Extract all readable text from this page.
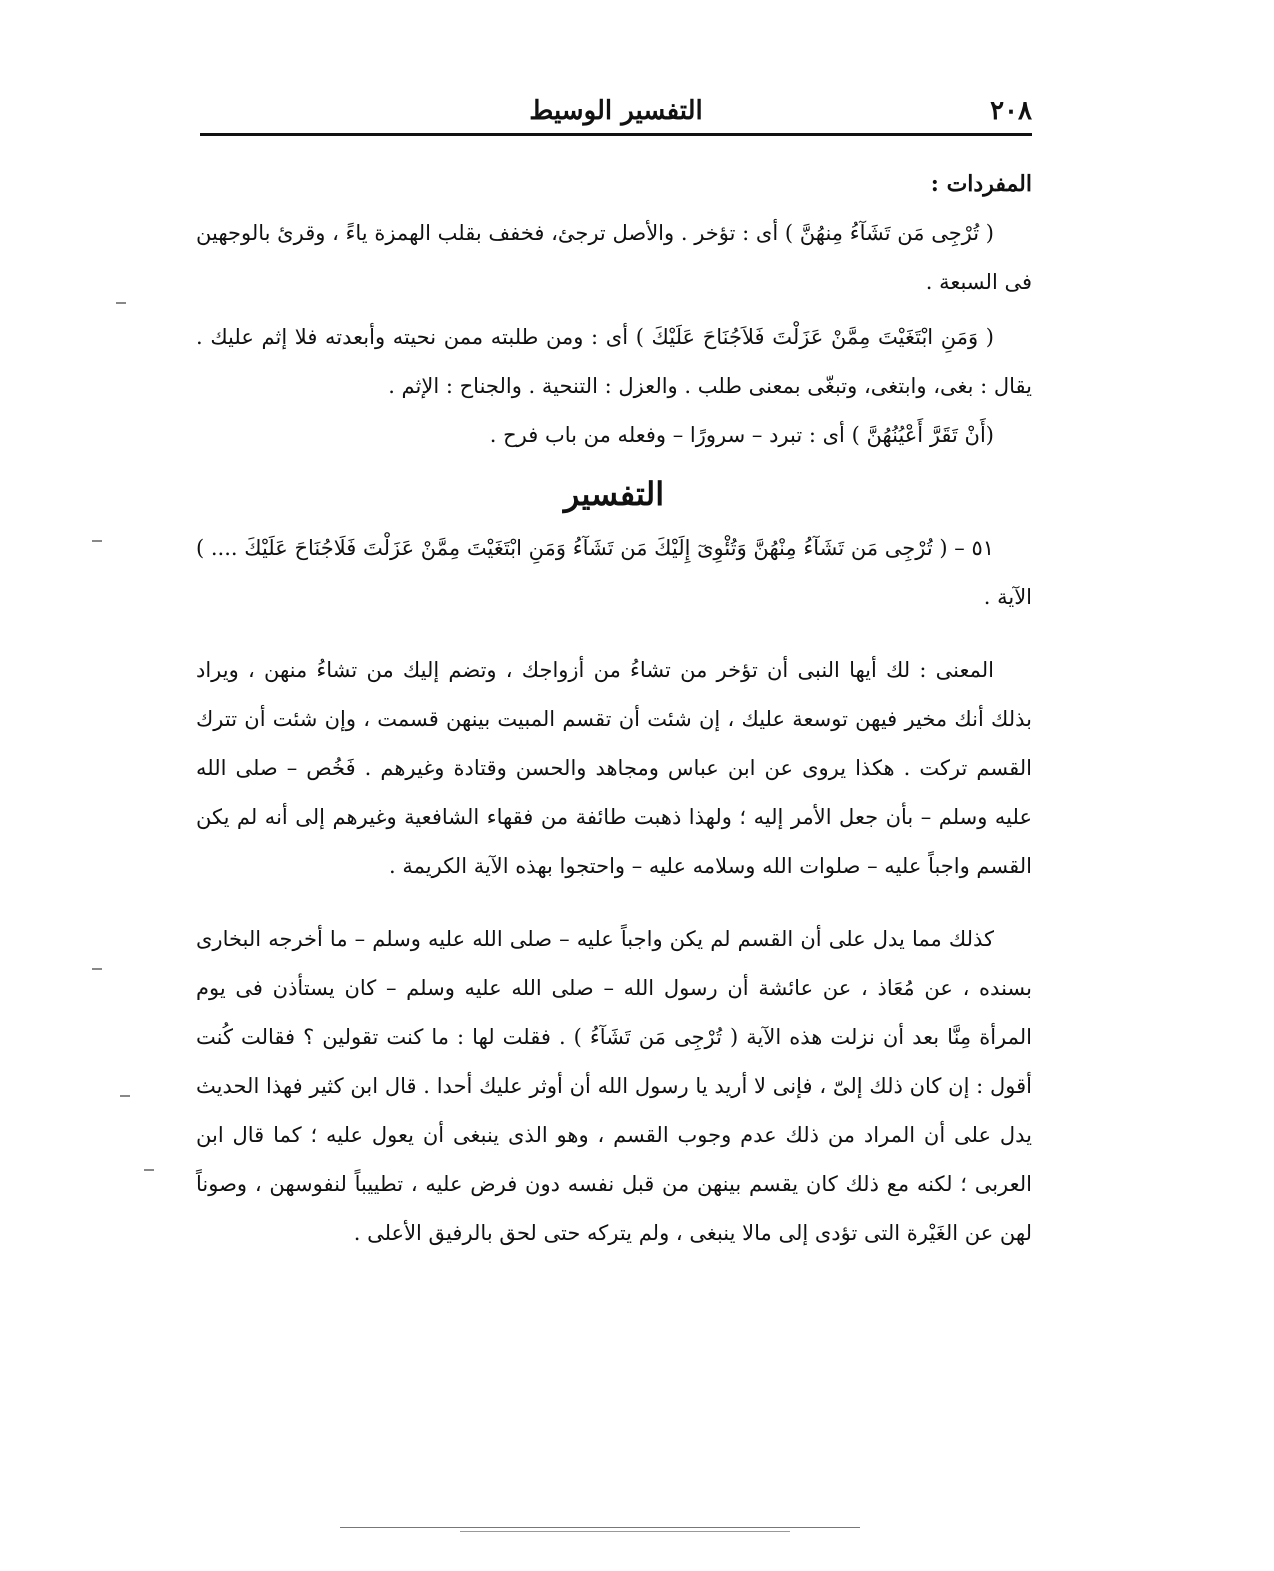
٢٠٨
التفسير الوسيط

المفردات :

( تُرْجِى مَن تَشَآءُ مِنهُنَّ ) أى : تؤخر . والأصل ترجئ، فخفف بقلب الهمزة ياءً ، وقرئ بالوجهين فى السبعة .

( وَمَنِ ابْتَغَيْتَ مِمَّنْ عَزَلْتَ فَلاَجُنَاحَ عَلَيْكَ ) أى : ومن طلبته ممن نحيته وأبعدته فلا إثم عليك . يقال : بغى، وابتغى، وتبغّى بمعنى طلب . والعزل : التنحية . والجناح : الإثم .

(أَنْ تَقَرَّ أَعْيُنُهُنَّ ) أى : تبرد – سرورًا – وفعله من باب فرح .

التفسير

٥١ – ( تُرْجِى مَن تَشَآءُ مِنْهُنَّ وَتُئْوِىٓ إِلَيْكَ مَن تَشَآءُ وَمَنِ ابْتَغَيْتَ مِمَّنْ عَزَلْتَ فَلَاجُنَاحَ عَلَيْكَ .... ) الآية .

المعنى : لك أيها النبى أن تؤخر من تشاءُ من أزواجك ، وتضم إليك من تشاءُ منهن ، ويراد بذلك أنك مخير فيهن توسعة عليك ، إن شئت أن تقسم المبيت بينهن قسمت ، وإن شئت أن تترك القسم تركت . هكذا يروى عن ابن عباس ومجاهد والحسن وقتادة وغيرهم . فَخُص – صلى الله عليه وسلم – بأن جعل الأمر إليه ؛ ولهذا ذهبت طائفة من فقهاء الشافعية وغيرهم إلى أنه لم يكن القسم واجباً عليه – صلوات الله وسلامه عليه – واحتجوا بهذه الآية الكريمة .

كذلك مما يدل على أن القسم لم يكن واجباً عليه – صلى الله عليه وسلم – ما أخرجه البخارى بسنده ، عن مُعَاذ ، عن عائشة أن رسول الله – صلى الله عليه وسلم – كان يستأذن فى يوم المرأة مِنَّا بعد أن نزلت هذه الآية ( تُرْجِى مَن تَشَآءُ ) . فقلت لها : ما كنت تقولين ؟ فقالت كُنت أقول : إن كان ذلك إلىّ ، فإنى لا أريد يا رسول الله أن أوثر عليك أحدا . قال ابن كثير فهذا الحديث يدل على أن المراد من ذلك عدم وجوب القسم ، وهو الذى ينبغى أن يعول عليه ؛ كما قال ابن العربى ؛ لكنه مع ذلك كان يقسم بينهن من قبل نفسه دون فرض عليه ، تطييباً لنفوسهن ، وصوناً لهن عن الغَيْرة التى تؤدى إلى مالا ينبغى ، ولم يتركه حتى لحق بالرفيق الأعلى .
